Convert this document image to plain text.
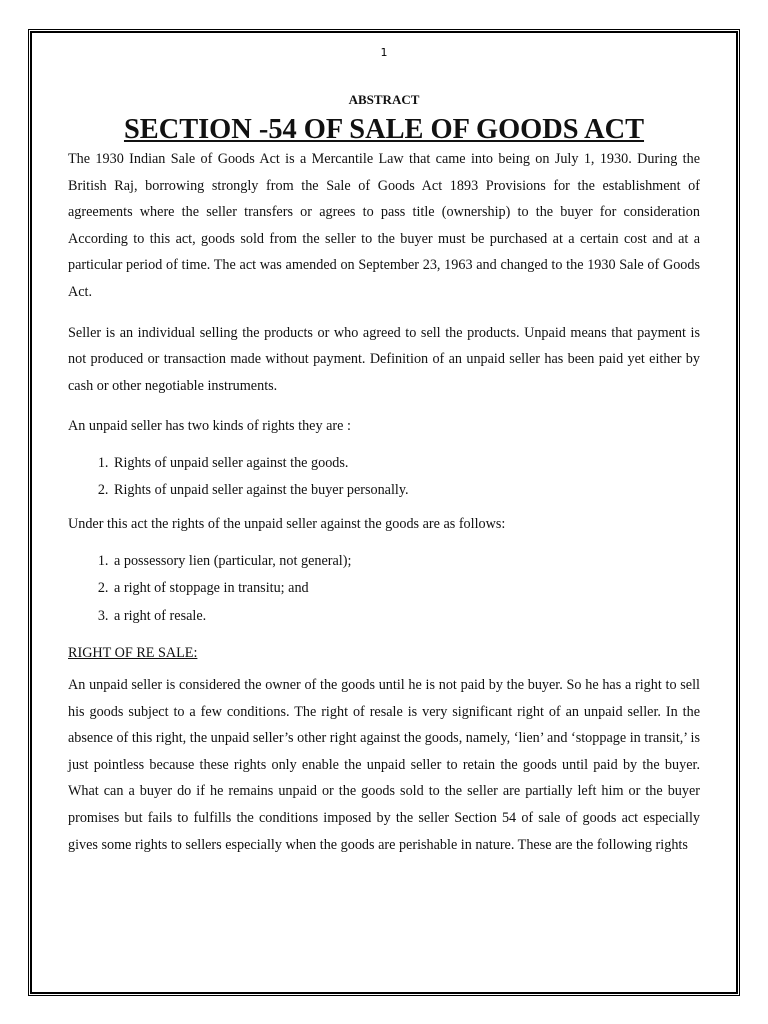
1
ABSTRACT
SECTION -54 OF SALE OF GOODS ACT

The 1930 Indian Sale of Goods Act is a Mercantile Law that came into being on July 1, 1930. During the British Raj, borrowing strongly from the Sale of Goods Act 1893 Provisions for the establishment of agreements where the seller transfers or agrees to pass title (ownership) to the buyer for consideration According to this act, goods sold from the seller to the buyer must be purchased at a certain cost and at a particular period of time. The act was amended on September 23, 1963 and changed to the 1930 Sale of Goods Act.

Seller is an individual selling the products or who agreed to sell the products. Unpaid means that payment is not produced or transaction made without payment. Definition of an unpaid seller has been paid yet either by cash or other negotiable instruments.

An unpaid seller has two kinds of rights they are :

1. Rights of unpaid seller against the goods.
2. Rights of unpaid seller against the buyer personally.

Under this act the rights of the unpaid seller against the goods are as follows:

1. a possessory lien (particular, not general);
2. a right of stoppage in transitu; and
3. a right of resale.
RIGHT OF RE SALE:

An unpaid seller is considered the owner of the goods until he is not paid by the buyer. So he has a right to sell his goods subject to a few conditions. The right of resale is very significant right of an unpaid seller. In the absence of this right, the unpaid seller’s other right against the goods, namely, ‘lien’ and ‘stoppage in transit,’ is just pointless because these rights only enable the unpaid seller to retain the goods until paid by the buyer. What can a buyer do if he remains unpaid or the goods sold to the seller are partially left him or the buyer promises but fails to fulfills the conditions imposed by the seller Section 54 of sale of goods act especially gives some rights to sellers especially when the goods are perishable in nature. These are the following rights
